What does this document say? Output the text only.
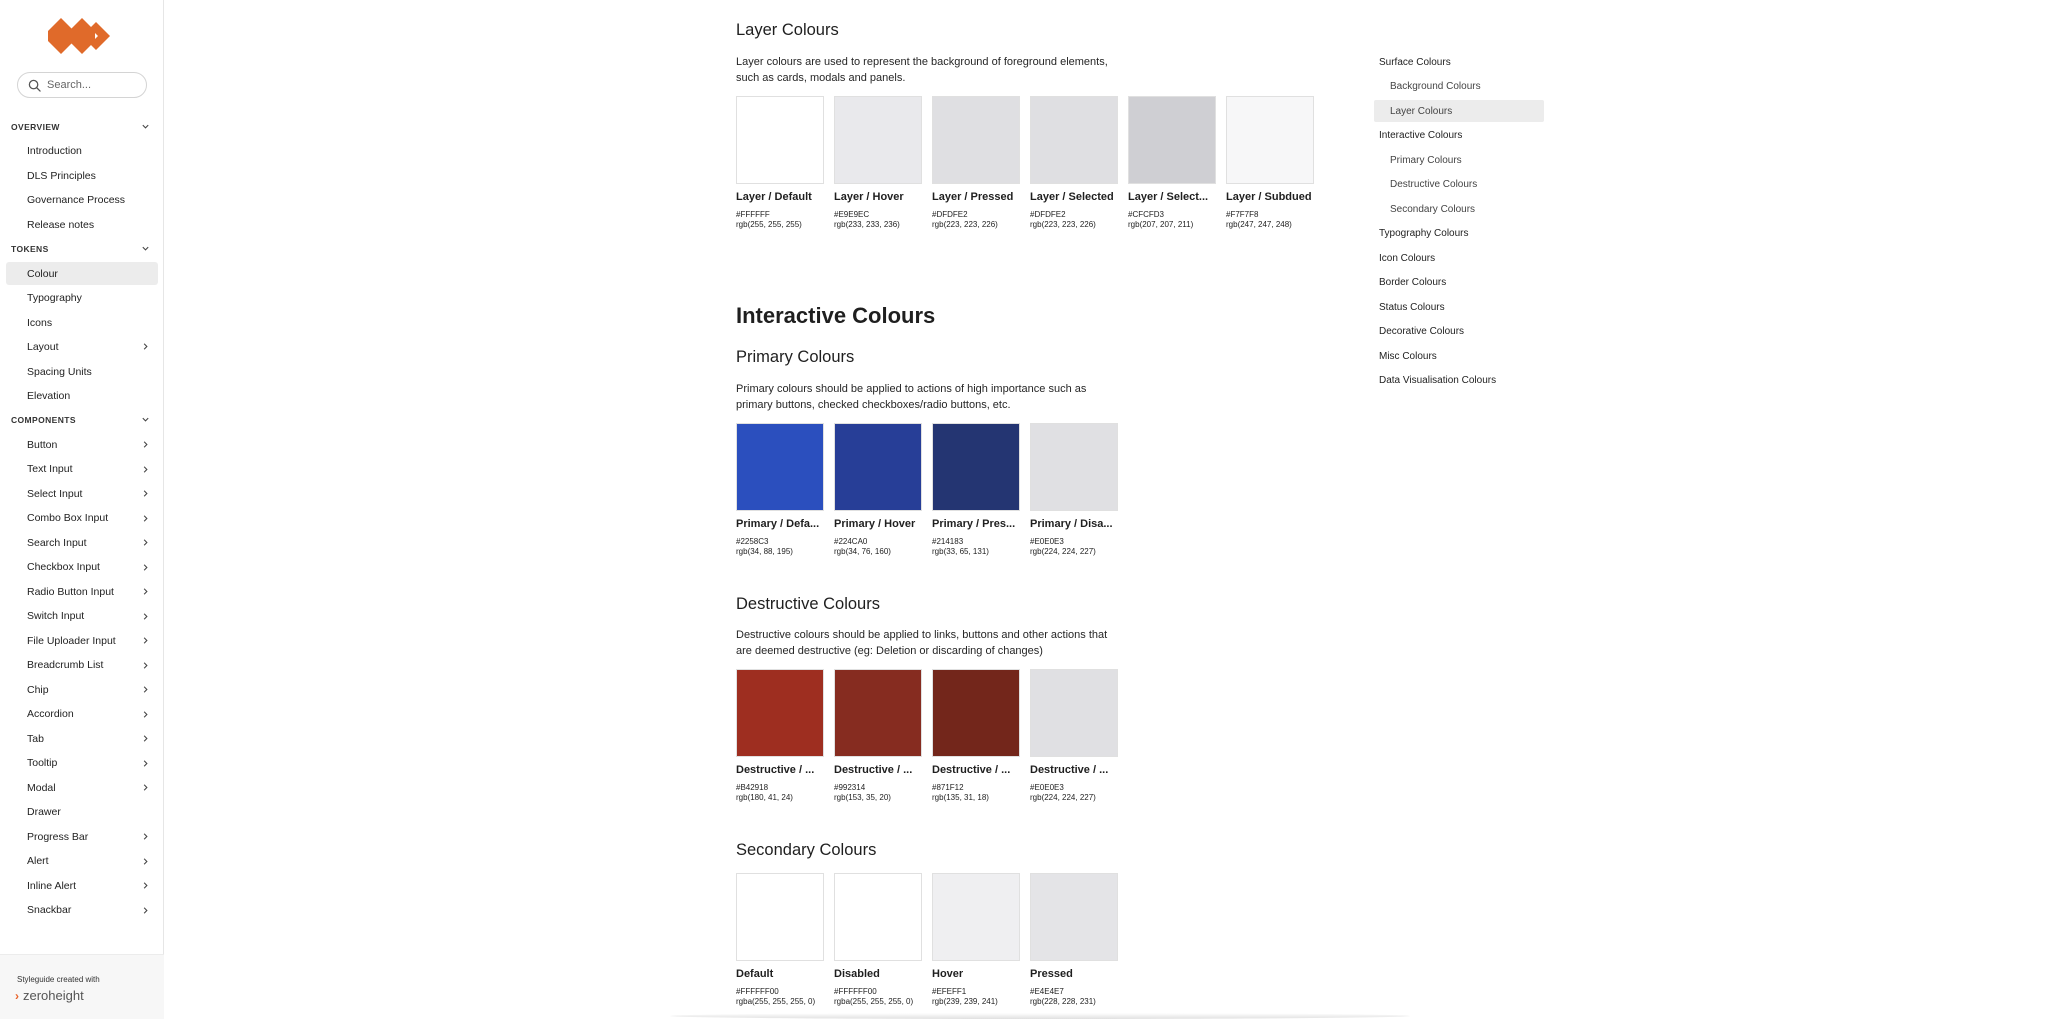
Search...
OVERVIEW
Introduction
DLS Principles
Governance Process
Release notes
TOKENS
Colour
Typography
Icons
Layout
Spacing Units
Elevation
COMPONENTS
Button
Text Input
Select Input
Combo Box Input
Search Input
Checkbox Input
Radio Button Input
Switch Input
File Uploader Input
Breadcrumb List
Chip
Accordion
Tab
Tooltip
Modal
Drawer
Progress Bar
Alert
Inline Alert
Snackbar
Styleguide created with
› zeroheight
Layer Colours
Layer colours are used to represent the background of foreground elements, such as cards, modals and panels.
Layer / Default
#FFFFFF
rgb(255, 255, 255)
Layer / Hover
#E9E9EC
rgb(233, 233, 236)
Layer / Pressed
#DFDFE2
rgb(223, 223, 226)
Layer / Selected
#DFDFE2
rgb(223, 223, 226)
Layer / Select...
#CFCFD3
rgb(207, 207, 211)
Layer / Subdued
#F7F7F8
rgb(247, 247, 248)
Interactive Colours
Primary Colours
Primary colours should be applied to actions of high importance such as primary buttons, checked checkboxes/radio buttons, etc.
Primary / Defa...
#2258C3
rgb(34, 88, 195)
Primary / Hover
#224CA0
rgb(34, 76, 160)
Primary / Pres...
#214183
rgb(33, 65, 131)
Primary / Disa...
#E0E0E3
rgb(224, 224, 227)
Destructive Colours
Destructive colours should be applied to links, buttons and other actions that are deemed destructive (eg: Deletion or discarding of changes)
Destructive / ...
#B42918
rgb(180, 41, 24)
Destructive / ...
#992314
rgb(153, 35, 20)
Destructive / ...
#871F12
rgb(135, 31, 18)
Destructive / ...
#E0E0E3
rgb(224, 224, 227)
Secondary Colours
Default
#FFFFFF00
rgba(255, 255, 255, 0)
Disabled
#FFFFFF00
rgba(255, 255, 255, 0)
Hover
#EFEFF1
rgb(239, 239, 241)
Pressed
#E4E4E7
rgb(228, 228, 231)
Surface Colours
Background Colours
Layer Colours
Interactive Colours
Primary Colours
Destructive Colours
Secondary Colours
Typography Colours
Icon Colours
Border Colours
Status Colours
Decorative Colours
Misc Colours
Data Visualisation Colours
